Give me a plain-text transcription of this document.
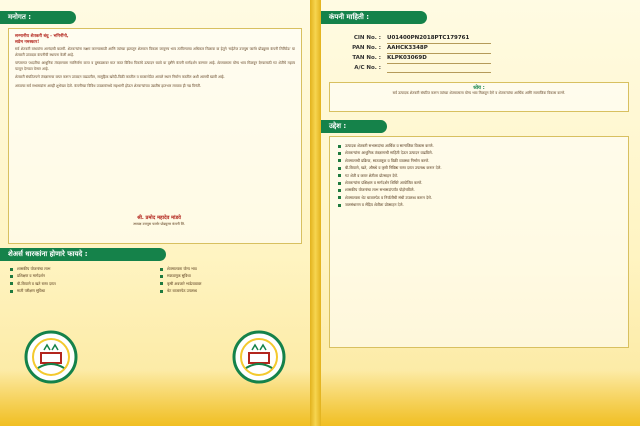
मनोगत :

सन्मानीय शेतकरी बंधु - भगिनींनो,
सप्रेम नमस्कार!

सर्व शेतकरी बांधवांना आनंदाची बातमी. शेतकऱ्यांना सक्षम करण्यासाठी आणि त्यांच्या हातातून शेतमाल विकला जावूनच भाव ठरविण्याचा अधिकार मिळावा या हेतूने ‘सहेतेज उत्तपुस फार्मर प्रोड्युसर कंपनी लिमिटेड’ या शेतकरी उत्पादक कंपनीची स्थापना केली आहे.

परंपरागत पध्दतीचा आधुनिक तंत्रज्ञानाला नवनिर्माण करत व दुष्काळावर मात करत विविध पिकांचे उत्पादन घ्यावे या दृष्टीने कंपनी मार्गदर्शन करणार आहे. शेतमालाला योग्य भाव मिळवून देण्यासाठी गट शेतीचे महत्त्व पटवून देण्यात येणार आहे.

शेतकरी संघटितपणे तंत्रज्ञानाचा वापर करून उत्पादन वाढवतील, सामूहिक खरेदी-विक्री करतील व बाजारपेठेत आपले स्थान निर्माण करतील अशी आमची खात्री आहे.

आपल्या सर्व सभासदांना आम्ही शुभेच्छा देतो. कंपनीच्या विविध उपक्रमांमध्ये सहभागी होऊन शेतकऱ्यांच्या उन्नतीस हातभार लावावा ही नम्र विनंती.

श्री. प्रमोद महादेव मांडवे
अध्यक्ष उत्तपुस फार्मर प्रोड्युसर कंपनी लि.
शेअर्स धारकांना होणारे फायदे :
शासकीय योजनांचा लाभ
प्रशिक्षण व मार्गदर्शन
बी-बियाणे व खते रास्त दरात
माती परीक्षण सुविधा
शेतमालाला योग्य भाव
साठवणूक सुविधा
कृषी अवजारे भाडेतत्वावर
थेट बाजारपेठ उपलब्ध
कंपनी माहिती :
CIN No. :	U01400PN2018PTC179761
PAN No. :	AAHCK3348P
TAN No. :	KLPK03069D
A/C No. :
ध्येय :

सर्व उत्पादक शेतकरी संघटित करून त्यांच्या शेतमालाला योग्य भाव मिळवून देणे व शेतकऱ्यांचा आर्थिक आणि सामाजिक विकास करणे.

उद्देश :
उत्पादक शेतकरी सभासदांचा आर्थिक व सामाजिक विकास करणे.
शेतकऱ्यांना आधुनिक तंत्रज्ञानाची माहिती देऊन उत्पादन वाढविणे.
शेतमालाची प्रक्रिया, साठवणूक व विक्री व्यवस्था निर्माण करणे.
बी-बियाणे, खते, औषधे व कृषी निविष्ठा रास्त दरात उपलब्ध करून देणे.
गट शेती व करार शेतीला प्रोत्साहन देणे.
शेतकऱ्यांना प्रशिक्षण व मार्गदर्शन शिबिरे आयोजित करणे.
शासकीय योजनांचा लाभ सभासदांपर्यंत पोहोचविणे.
शेतमालाला थेट बाजारपेठ व निर्यातीची संधी उपलब्ध करून देणे.
जलसंधारण व सेंद्रिय शेतीला प्रोत्साहन देणे.
